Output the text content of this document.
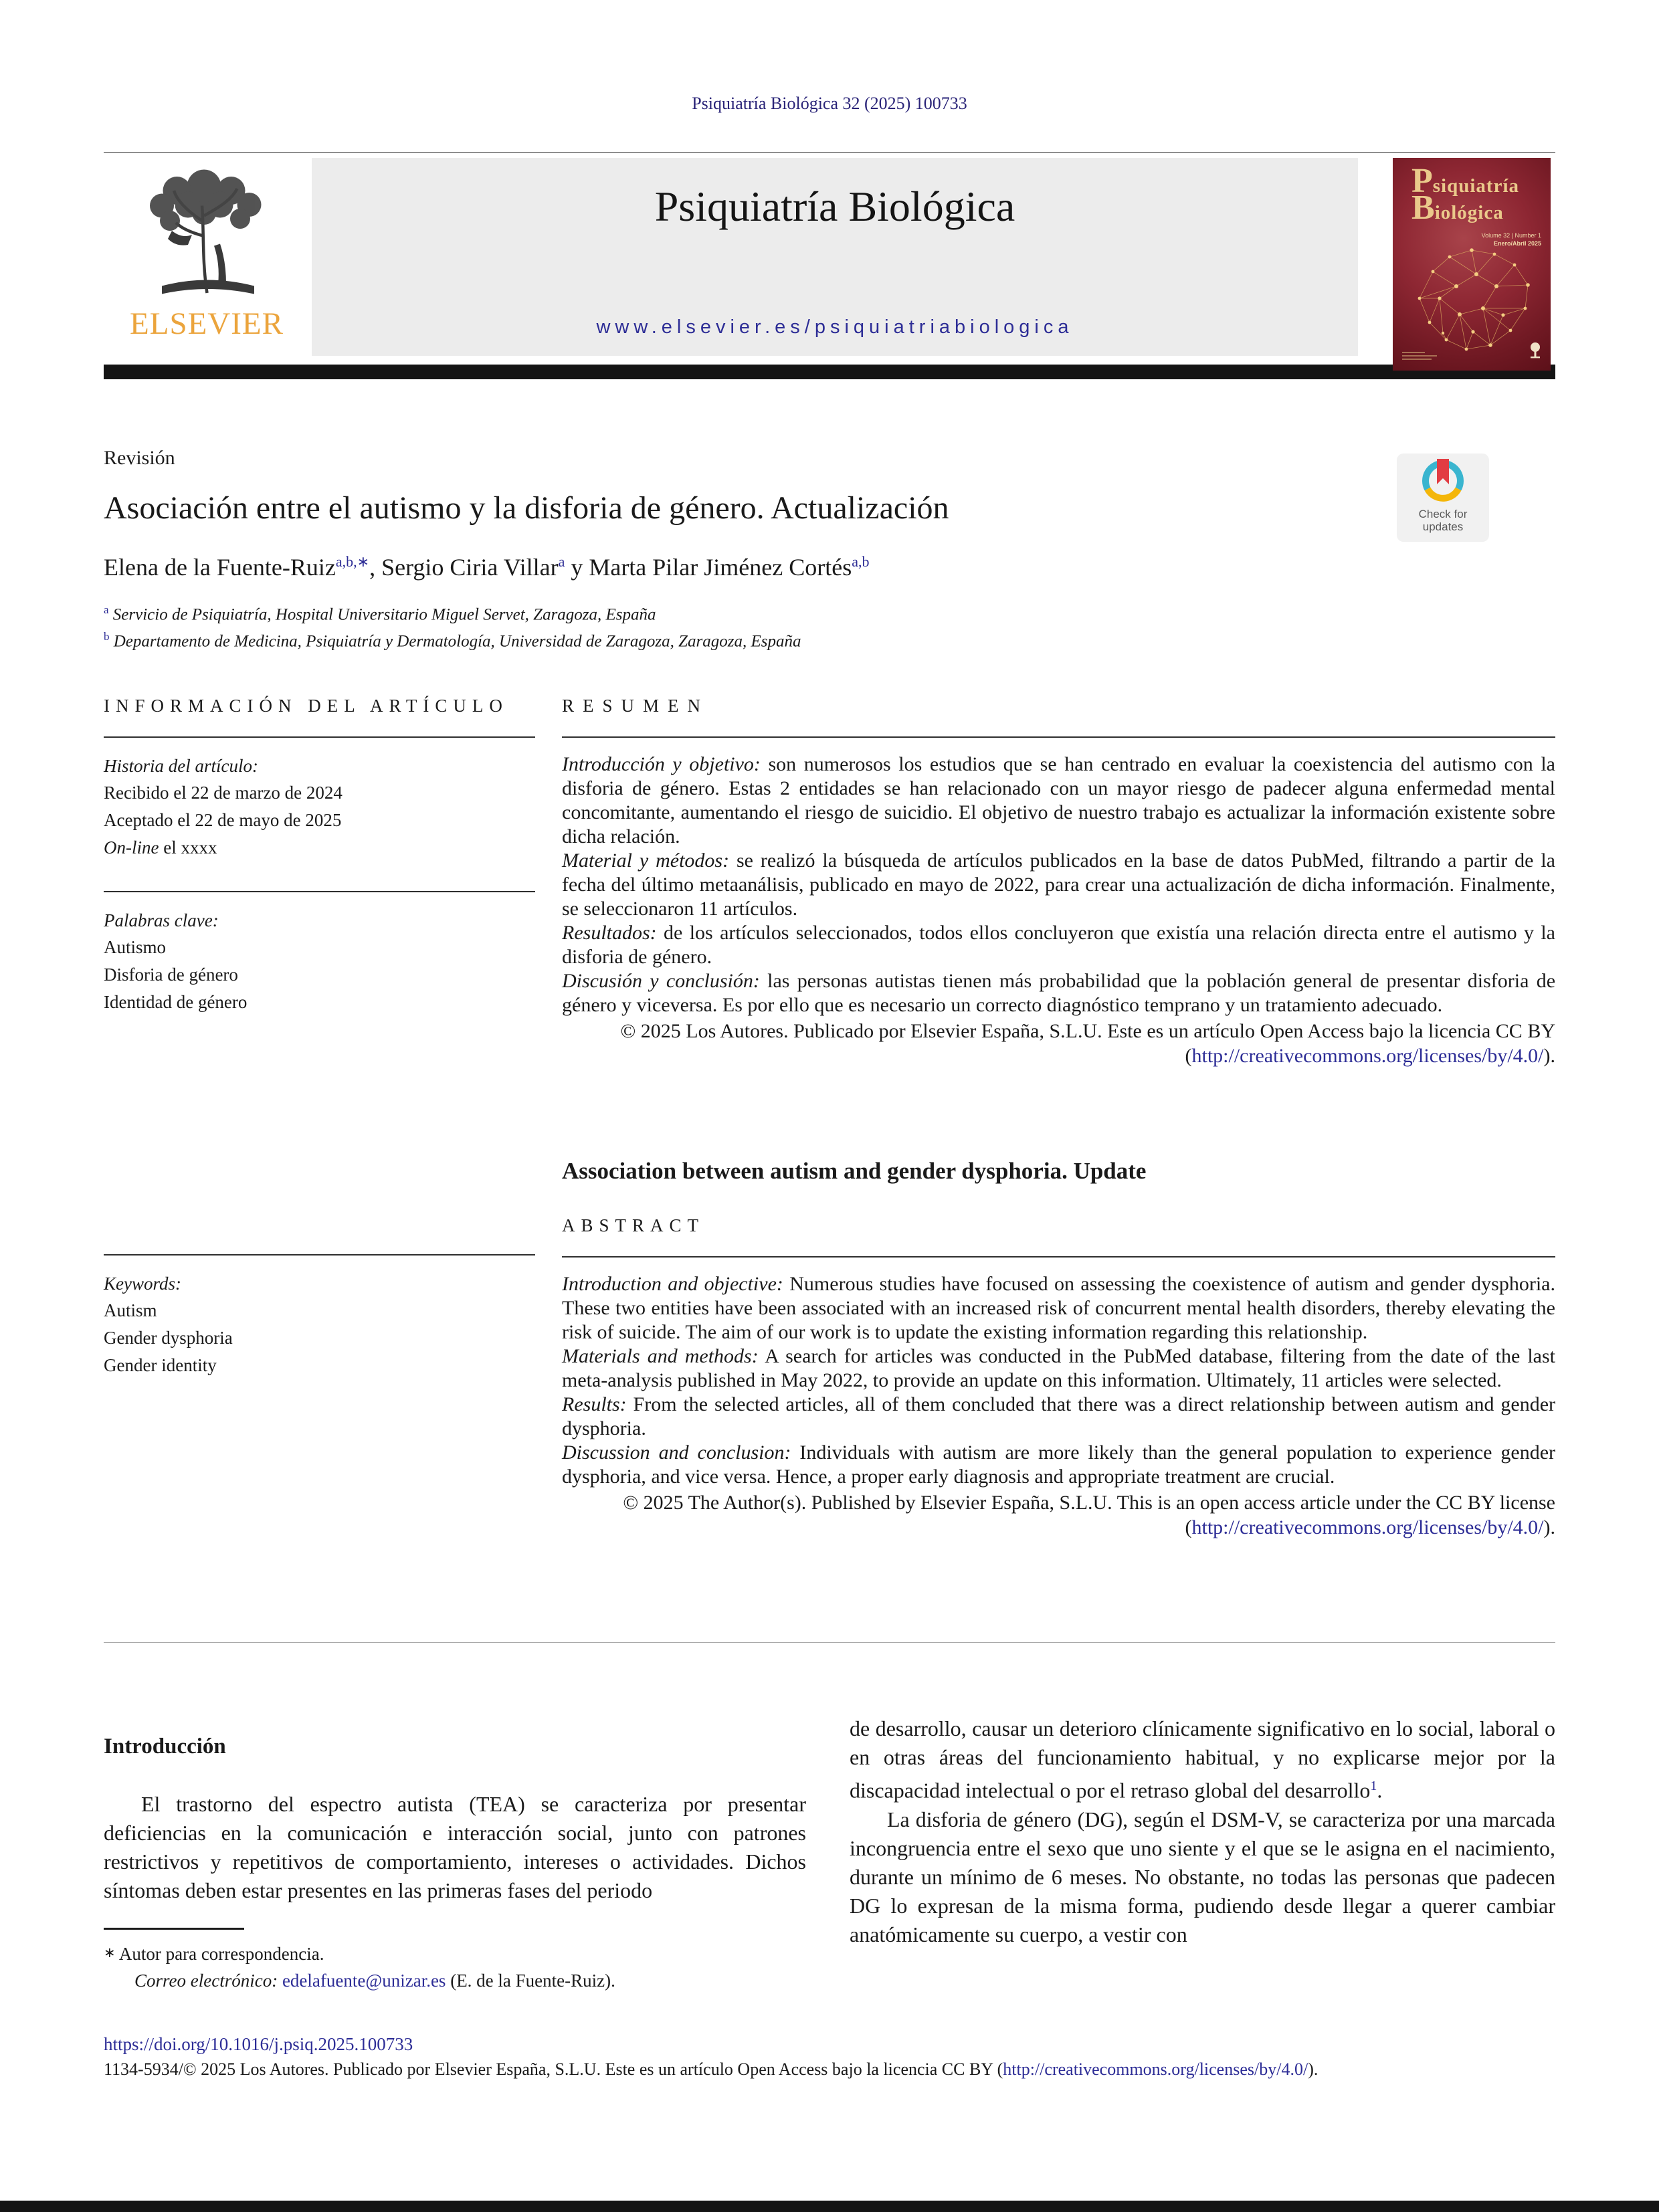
Psiquiatría Biológica 32 (2025) 100733
Psiquiatría Biológica
www.elsevier.es/psiquiatriabiologica
ELSEVIER
Psiquiatría
Biológica
Volume 32 | Number 1
Enero/Abril 2025
Check for
updates
Revisión
Asociación entre el autismo y la disforia de género. Actualización
Elena de la Fuente-Ruiz$^{a,b,∗}$, Sergio Ciria Villar$^a$ y Marta Pilar Jiménez Cortés$^{a,b}$
$^a$ Servicio de Psiquiatría, Hospital Universitario Miguel Servet, Zaragoza, España
$^b$ Departamento de Medicina, Psiquiatría y Dermatología, Universidad de Zaragoza, Zaragoza, España
INFORMACIÓN DEL ARTÍCULO
Historia del artículo:
Recibido el 22 de marzo de 2024
Aceptado el 22 de mayo de 2025
On-line el xxxx
Palabras clave:
Autismo
Disforia de género
Identidad de género
RESUMEN

Introducción y objetivo: son numerosos los estudios que se han centrado en evaluar la coexistencia del autismo con la disforia de género. Estas 2 entidades se han relacionado con un mayor riesgo de padecer alguna enfermedad mental concomitante, aumentando el riesgo de suicidio. El objetivo de nuestro trabajo es actualizar la información existente sobre dicha relación.

Material y métodos: se realizó la búsqueda de artículos publicados en la base de datos PubMed, filtrando a partir de la fecha del último metaanálisis, publicado en mayo de 2022, para crear una actualización de dicha información. Finalmente, se seleccionaron 11 artículos.

Resultados: de los artículos seleccionados, todos ellos concluyeron que existía una relación directa entre el autismo y la disforia de género.

Discusión y conclusión: las personas autistas tienen más probabilidad que la población general de presentar disforia de género y viceversa. Es por ello que es necesario un correcto diagnóstico temprano y un tratamiento adecuado.

© 2025 Los Autores. Publicado por Elsevier España, S.L.U. Este es un artículo Open Access bajo la licencia CC BY
(http://creativecommons.org/licenses/by/4.0/).
Keywords:
Autism
Gender dysphoria
Gender identity
Association between autism and gender dysphoria. Update
ABSTRACT

Introduction and objective: Numerous studies have focused on assessing the coexistence of autism and gender dysphoria. These two entities have been associated with an increased risk of concurrent mental health disorders, thereby elevating the risk of suicide. The aim of our work is to update the existing information regarding this relationship.

Materials and methods: A search for articles was conducted in the PubMed database, filtering from the date of the last meta-analysis published in May 2022, to provide an update on this information. Ultimately, 11 articles were selected.

Results: From the selected articles, all of them concluded that there was a direct relationship between autism and gender dysphoria.

Discussion and conclusion: Individuals with autism are more likely than the general population to experience gender dysphoria, and vice versa. Hence, a proper early diagnosis and appropriate treatment are crucial.

© 2025 The Author(s). Published by Elsevier España, S.L.U. This is an open access article under the CC BY license
(http://creativecommons.org/licenses/by/4.0/).
Introducción

El trastorno del espectro autista (TEA) se caracteriza por presentar deficiencias en la comunicación e interacción social, junto con patrones restrictivos y repetitivos de comportamiento, intereses o actividades. Dichos síntomas deben estar presentes en las primeras fases del periodo

de desarrollo, causar un deterioro clínicamente significativo en lo social, laboral o en otras áreas del funcionamiento habitual, y no explicarse mejor por la discapacidad intelectual o por el retraso global del desarrollo$^1$.

La disforia de género (DG), según el DSM-V, se caracteriza por una marcada incongruencia entre el sexo que uno siente y el que se le asigna en el nacimiento, durante un mínimo de 6 meses. No obstante, no todas las personas que padecen DG lo expresan de la misma forma, pudiendo desde llegar a querer cambiar anatómicamente su cuerpo, a vestir con

∗ Autor para correspondencia.
Correo electrónico: edelafuente@unizar.es (E. de la Fuente-Ruiz).
https://doi.org/10.1016/j.psiq.2025.100733
1134-5934/© 2025 Los Autores. Publicado por Elsevier España, S.L.U. Este es un artículo Open Access bajo la licencia CC BY (http://creativecommons.org/licenses/by/4.0/).
